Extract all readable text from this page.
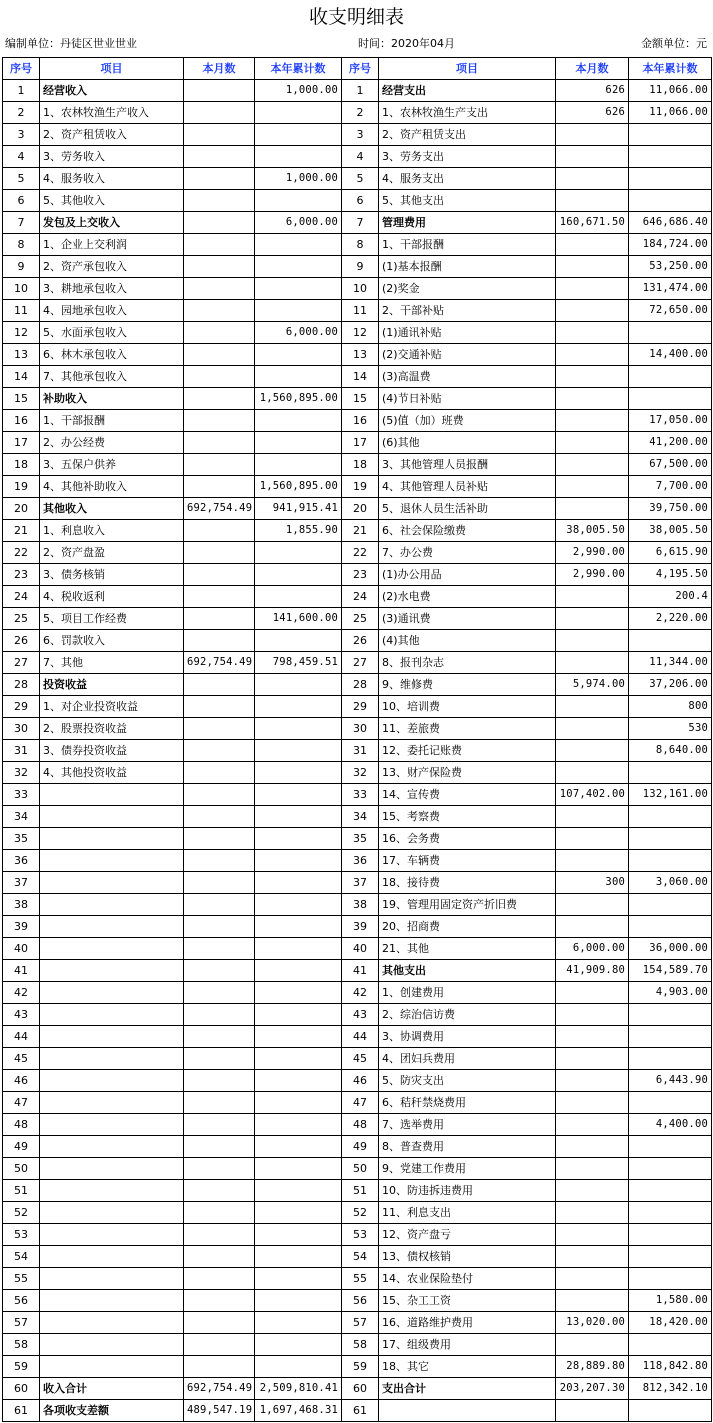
收支明细表
编制单位：丹徒区世业世业	时间：2020年04月	金额单位：元
序号	项目	本月数	本年累计数	序号	项目	本月数	本年累计数
1	经营收入		1,000.00	1	经营支出	626	11,066.00
2	1、农林牧渔生产收入			2	1、农林牧渔生产支出	626	11,066.00
3	2、资产租赁收入			3	2、资产租赁支出		
4	3、劳务收入			4	3、劳务支出		
5	4、服务收入		1,000.00	5	4、服务支出		
6	5、其他收入			6	5、其他支出		
7	发包及上交收入		6,000.00	7	管理费用	160,671.50	646,686.40
8	1、企业上交利润			8	1、干部报酬		184,724.00
9	2、资产承包收入			9	(1)基本报酬		53,250.00
10	3、耕地承包收入			10	(2)奖金		131,474.00
11	4、园地承包收入			11	2、干部补贴		72,650.00
12	5、水面承包收入		6,000.00	12	(1)通讯补贴		
13	6、林木承包收入			13	(2)交通补贴		14,400.00
14	7、其他承包收入			14	(3)高温费		
15	补助收入		1,560,895.00	15	(4)节日补贴		
16	1、干部报酬			16	(5)值（加）班费		17,050.00
17	2、办公经费			17	(6)其他		41,200.00
18	3、五保户供养			18	3、其他管理人员报酬		67,500.00
19	4、其他补助收入		1,560,895.00	19	4、其他管理人员补贴		7,700.00
20	其他收入	692,754.49	941,915.41	20	5、退休人员生活补助		39,750.00
21	1、利息收入		1,855.90	21	6、社会保险缴费	38,005.50	38,005.50
22	2、资产盘盈			22	7、办公费	2,990.00	6,615.90
23	3、债务核销			23	(1)办公用品	2,990.00	4,195.50
24	4、税收返利			24	(2)水电费		200.4
25	5、项目工作经费		141,600.00	25	(3)通讯费		2,220.00
26	6、罚款收入			26	(4)其他		
27	7、其他	692,754.49	798,459.51	27	8、报刊杂志		11,344.00
28	投资收益			28	9、维修费	5,974.00	37,206.00
29	1、对企业投资收益			29	10、培训费		800
30	2、股票投资收益			30	11、差旅费		530
31	3、债券投资收益			31	12、委托记账费		8,640.00
32	4、其他投资收益			32	13、财产保险费		
33				33	14、宣传费	107,402.00	132,161.00
34				34	15、考察费		
35				35	16、会务费		
36				36	17、车辆费		
37				37	18、接待费	300	3,060.00
38				38	19、管理用固定资产折旧费		
39				39	20、招商费		
40				40	21、其他	6,000.00	36,000.00
41				41	其他支出	41,909.80	154,589.70
42				42	1、创建费用		4,903.00
43				43	2、综治信访费		
44				44	3、协调费用		
45				45	4、团妇兵费用		
46				46	5、防灾支出		6,443.90
47				47	6、秸秆禁烧费用		
48				48	7、选举费用		4,400.00
49				49	8、普查费用		
50				50	9、党建工作费用		
51				51	10、防违拆违费用		
52				52	11、利息支出		
53				53	12、资产盘亏		
54				54	13、债权核销		
55				55	14、农业保险垫付		
56				56	15、杂工工资		1,580.00
57				57	16、道路维护费用	13,020.00	18,420.00
58				58	17、组级费用		
59				59	18、其它	28,889.80	118,842.80
60	收入合计	692,754.49	2,509,810.41	60	支出合计	203,207.30	812,342.10
61	各项收支差额	489,547.19	1,697,468.31	61			
